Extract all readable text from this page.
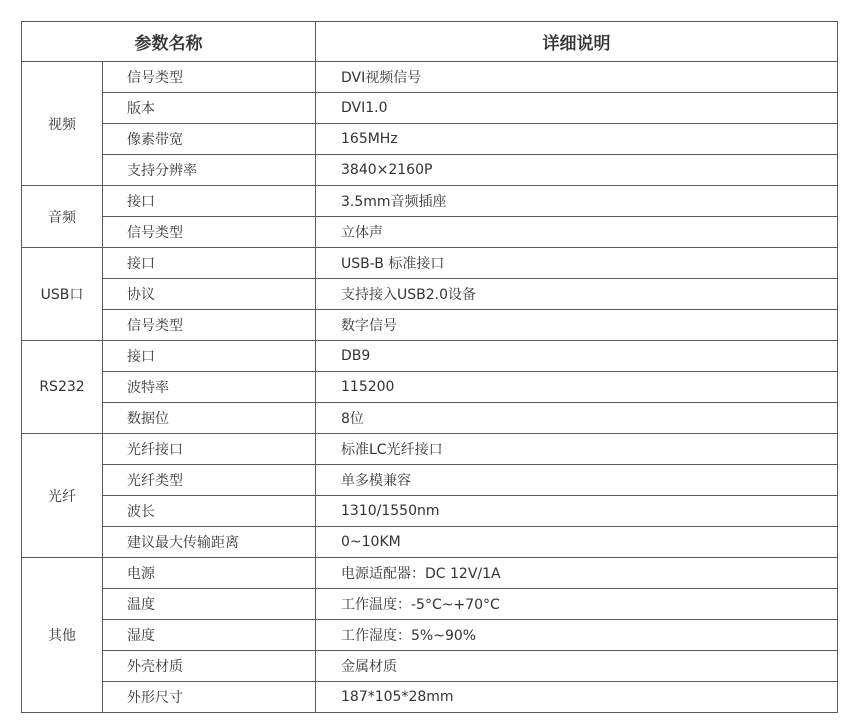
参数名称		详细说明
视频	信号类型	DVI视频信号
	版本	DVI1.0
	像素带宽	165MHz
	支持分辨率	3840×2160P
音频	接口	3.5mm音频插座
	信号类型	立体声
USB口	接口	USB-B 标准接口
	协议	支持接入USB2.0设备
	信号类型	数字信号
RS232	接口	DB9
	波特率	115200
	数据位	8位
光纤	光纤接口	标准LC光纤接口
	光纤类型	单多模兼容
	波长	1310/1550nm
	建议最大传输距离	0~10KM
其他	电源	电源适配器：DC 12V/1A
	温度	工作温度：-5°C~+70°C
	湿度	工作湿度：5%~90%
	外壳材质	金属材质
	外形尺寸	187*105*28mm
